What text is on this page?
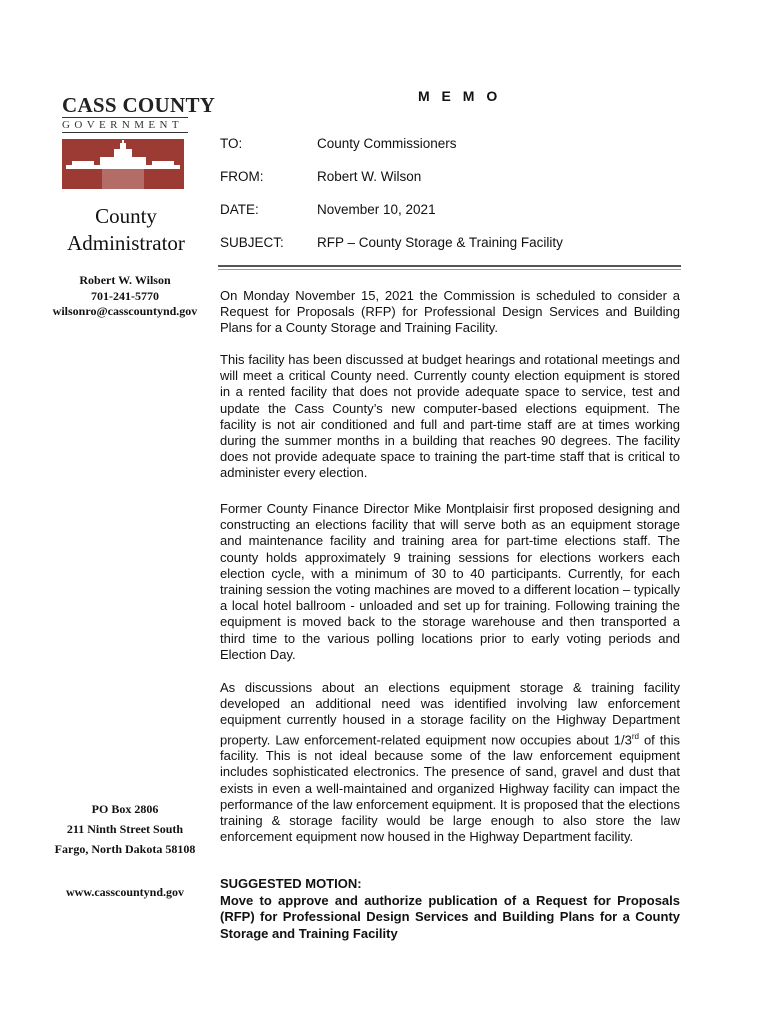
CASS COUNTY
GOVERNMENT
County
Administrator
Robert W. Wilson
701-241-5770
wilsonro@casscountynd.gov
PO Box 2806
211 Ninth Street South
Fargo, North Dakota 58108
www.casscountynd.gov
M E M O
TO:	County Commissioners
FROM:	Robert W. Wilson
DATE:	November 10, 2021
SUBJECT: RFP – County Storage & Training Facility

On Monday November 15, 2021 the Commission is scheduled to consider a Request for Proposals (RFP) for Professional Design Services and Building Plans for a County Storage and Training Facility.

This facility has been discussed at budget hearings and rotational meetings and will meet a critical County need. Currently county election equipment is stored in a rented facility that does not provide adequate space to service, test and update the Cass County’s new computer-based elections equipment. The facility is not air conditioned and full and part-time staff are at times working during the summer months in a building that reaches 90 degrees. The facility does not provide adequate space to training the part-time staff that is critical to administer every election.

Former County Finance Director Mike Montplaisir first proposed designing and constructing an elections facility that will serve both as an equipment storage and maintenance facility and training area for part-time elections staff. The county holds approximately 9 training sessions for elections workers each election cycle, with a minimum of 30 to 40 participants. Currently, for each training session the voting machines are moved to a different location – typically a local hotel ballroom - unloaded and set up for training. Following training the equipment is moved back to the storage warehouse and then transported a third time to the various polling locations prior to early voting periods and Election Day.

As discussions about an elections equipment storage & training facility developed an additional need was identified involving law enforcement equipment currently housed in a storage facility on the Highway Department property. Law enforcement-related equipment now occupies about 1/3rd of this facility. This is not ideal because some of the law enforcement equipment includes sophisticated electronics. The presence of sand, gravel and dust that exists in even a well-maintained and organized Highway facility can impact the performance of the law enforcement equipment. It is proposed that the elections training & storage facility would be large enough to also store the law enforcement equipment now housed in the Highway Department facility.

SUGGESTED MOTION:
Move to approve and authorize publication of a Request for Proposals (RFP) for Professional Design Services and Building Plans for a County Storage and Training Facility
